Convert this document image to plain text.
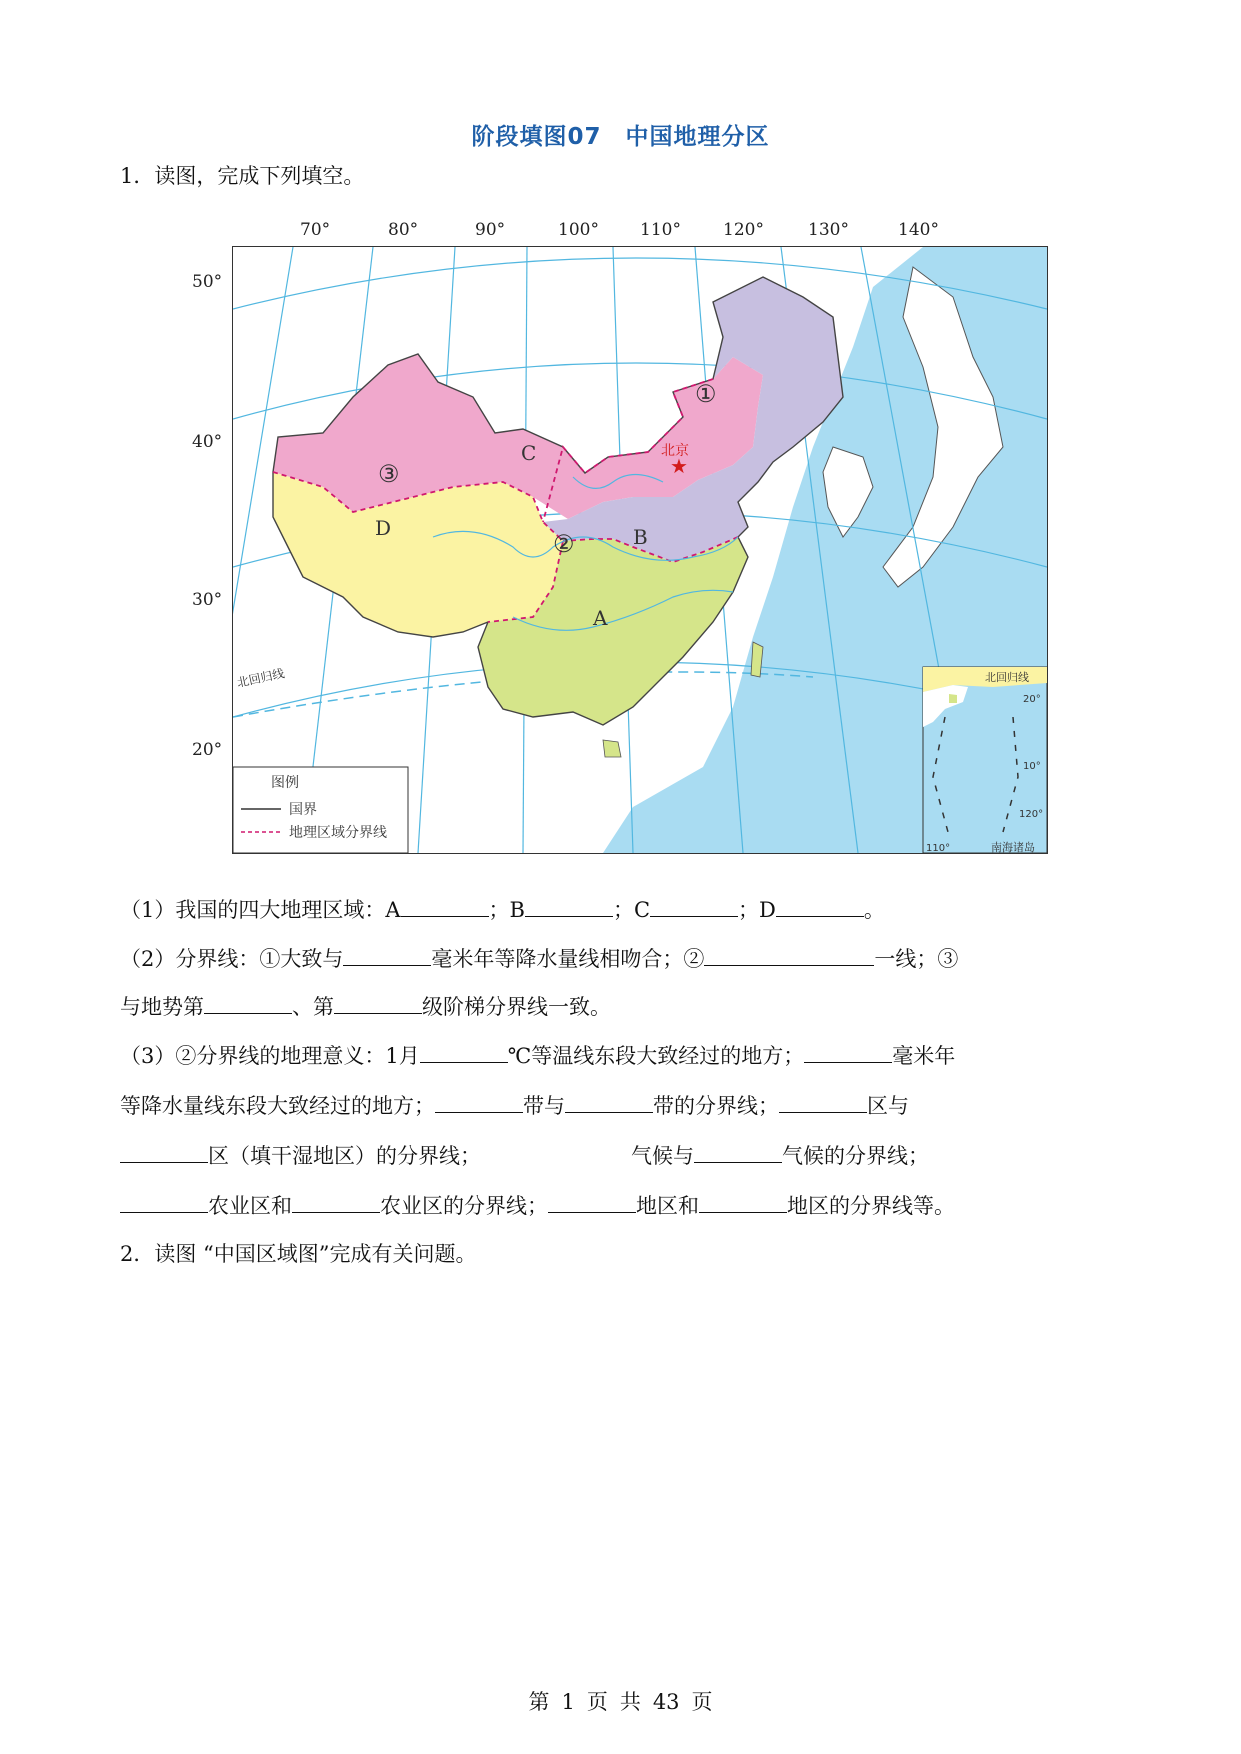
阶段填图07　中国地理分区
1．读图，完成下列填空。
70°	80°	90°	100° 110° 120°	130°	140°
50°
40°
30°
20°
A
B
C
D
①
②
③	★
北京
北回归线
图例
国界
地理区域分界线
北回归线
20°
10°
120°
110°	南海诸岛
（1）我国的四大地理区域：A	；B	；C	；D	。
（2）分界线：①大致与	毫米年等降水量线相吻合；②	一线；③
与地势第	、第	级阶梯分界线一致。
（3）②分界线的地理意义：1月	℃等温线东段大致经过的地方；	毫米年
等降水量线东段大致经过的地方；	带与	带的分界线；	区与
区（填干湿地区）的分界线；	气候与	气候的分界线；
农业区和	农业区的分界线；	地区和	地区的分界线等。
2．读图 “中国区域图”完成有关问题。
第 1 页 共 43 页
